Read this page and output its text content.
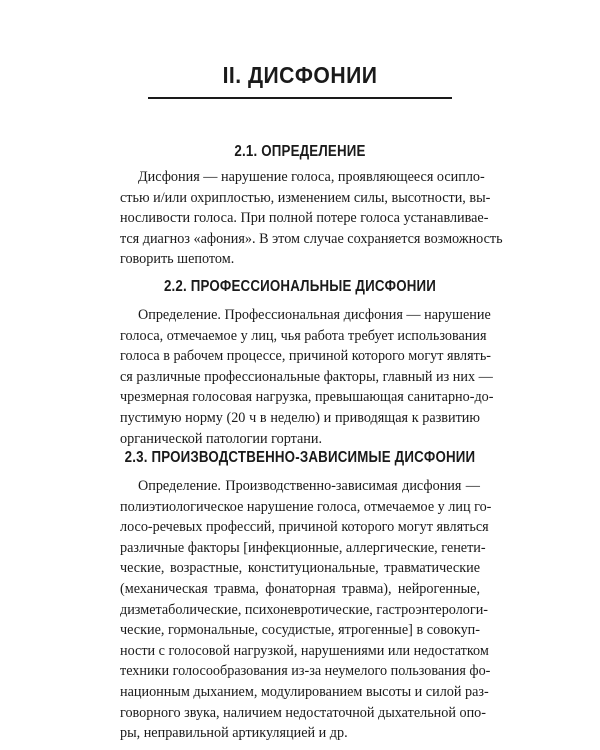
II. ДИСФОНИИ
2.1. ОПРЕДЕЛЕНИЕ
Дисфония — нарушение голоса, проявляющееся осипло-
стью и/или охриплостью, изменением силы, высотности, вы-
носливости голоса. При полной потере голоса устанавливае-
тся диагноз «афония». В этом случае сохраняется возможность
говорить шепотом.
2.2. ПРОФЕССИОНАЛЬНЫЕ ДИСФОНИИ
Определение. Профессиональная дисфония — нарушение
голоса, отмечаемое у лиц, чья работа требует использования
голоса в рабочем процессе, причиной которого могут являть-
ся различные профессиональные факторы, главный из них —
чрезмерная голосовая нагрузка, превышающая санитарно-до-
пустимую норму (20 ч в неделю) и приводящая к развитию
органической патологии гортани.
2.3. ПРОИЗВОДСТВЕННО-ЗАВИСИМЫЕ ДИСФОНИИ
Определение. Производственно-зависимая дисфония —
полиэтиологическое нарушение голоса, отмечаемое у лиц го-
лосо-речевых профессий, причиной которого могут являться
различные факторы [инфекционные, аллергические, генети-
ческие, возрастные, конституциональные, травматические
(механическая травма, фонаторная травма), нейрогенные,
дизметаболические, психоневротические, гастроэнтерологи-
ческие, гормональные, сосудистые, ятрогенные] в совокуп-
ности с голосовой нагрузкой, нарушениями или недостатком
техники голосообразования из-за неумелого пользования фо-
национным дыханием, модулированием высоты и силой раз-
говорного звука, наличием недостаточной дыхательной опо-
ры, неправильной артикуляцией и др.
